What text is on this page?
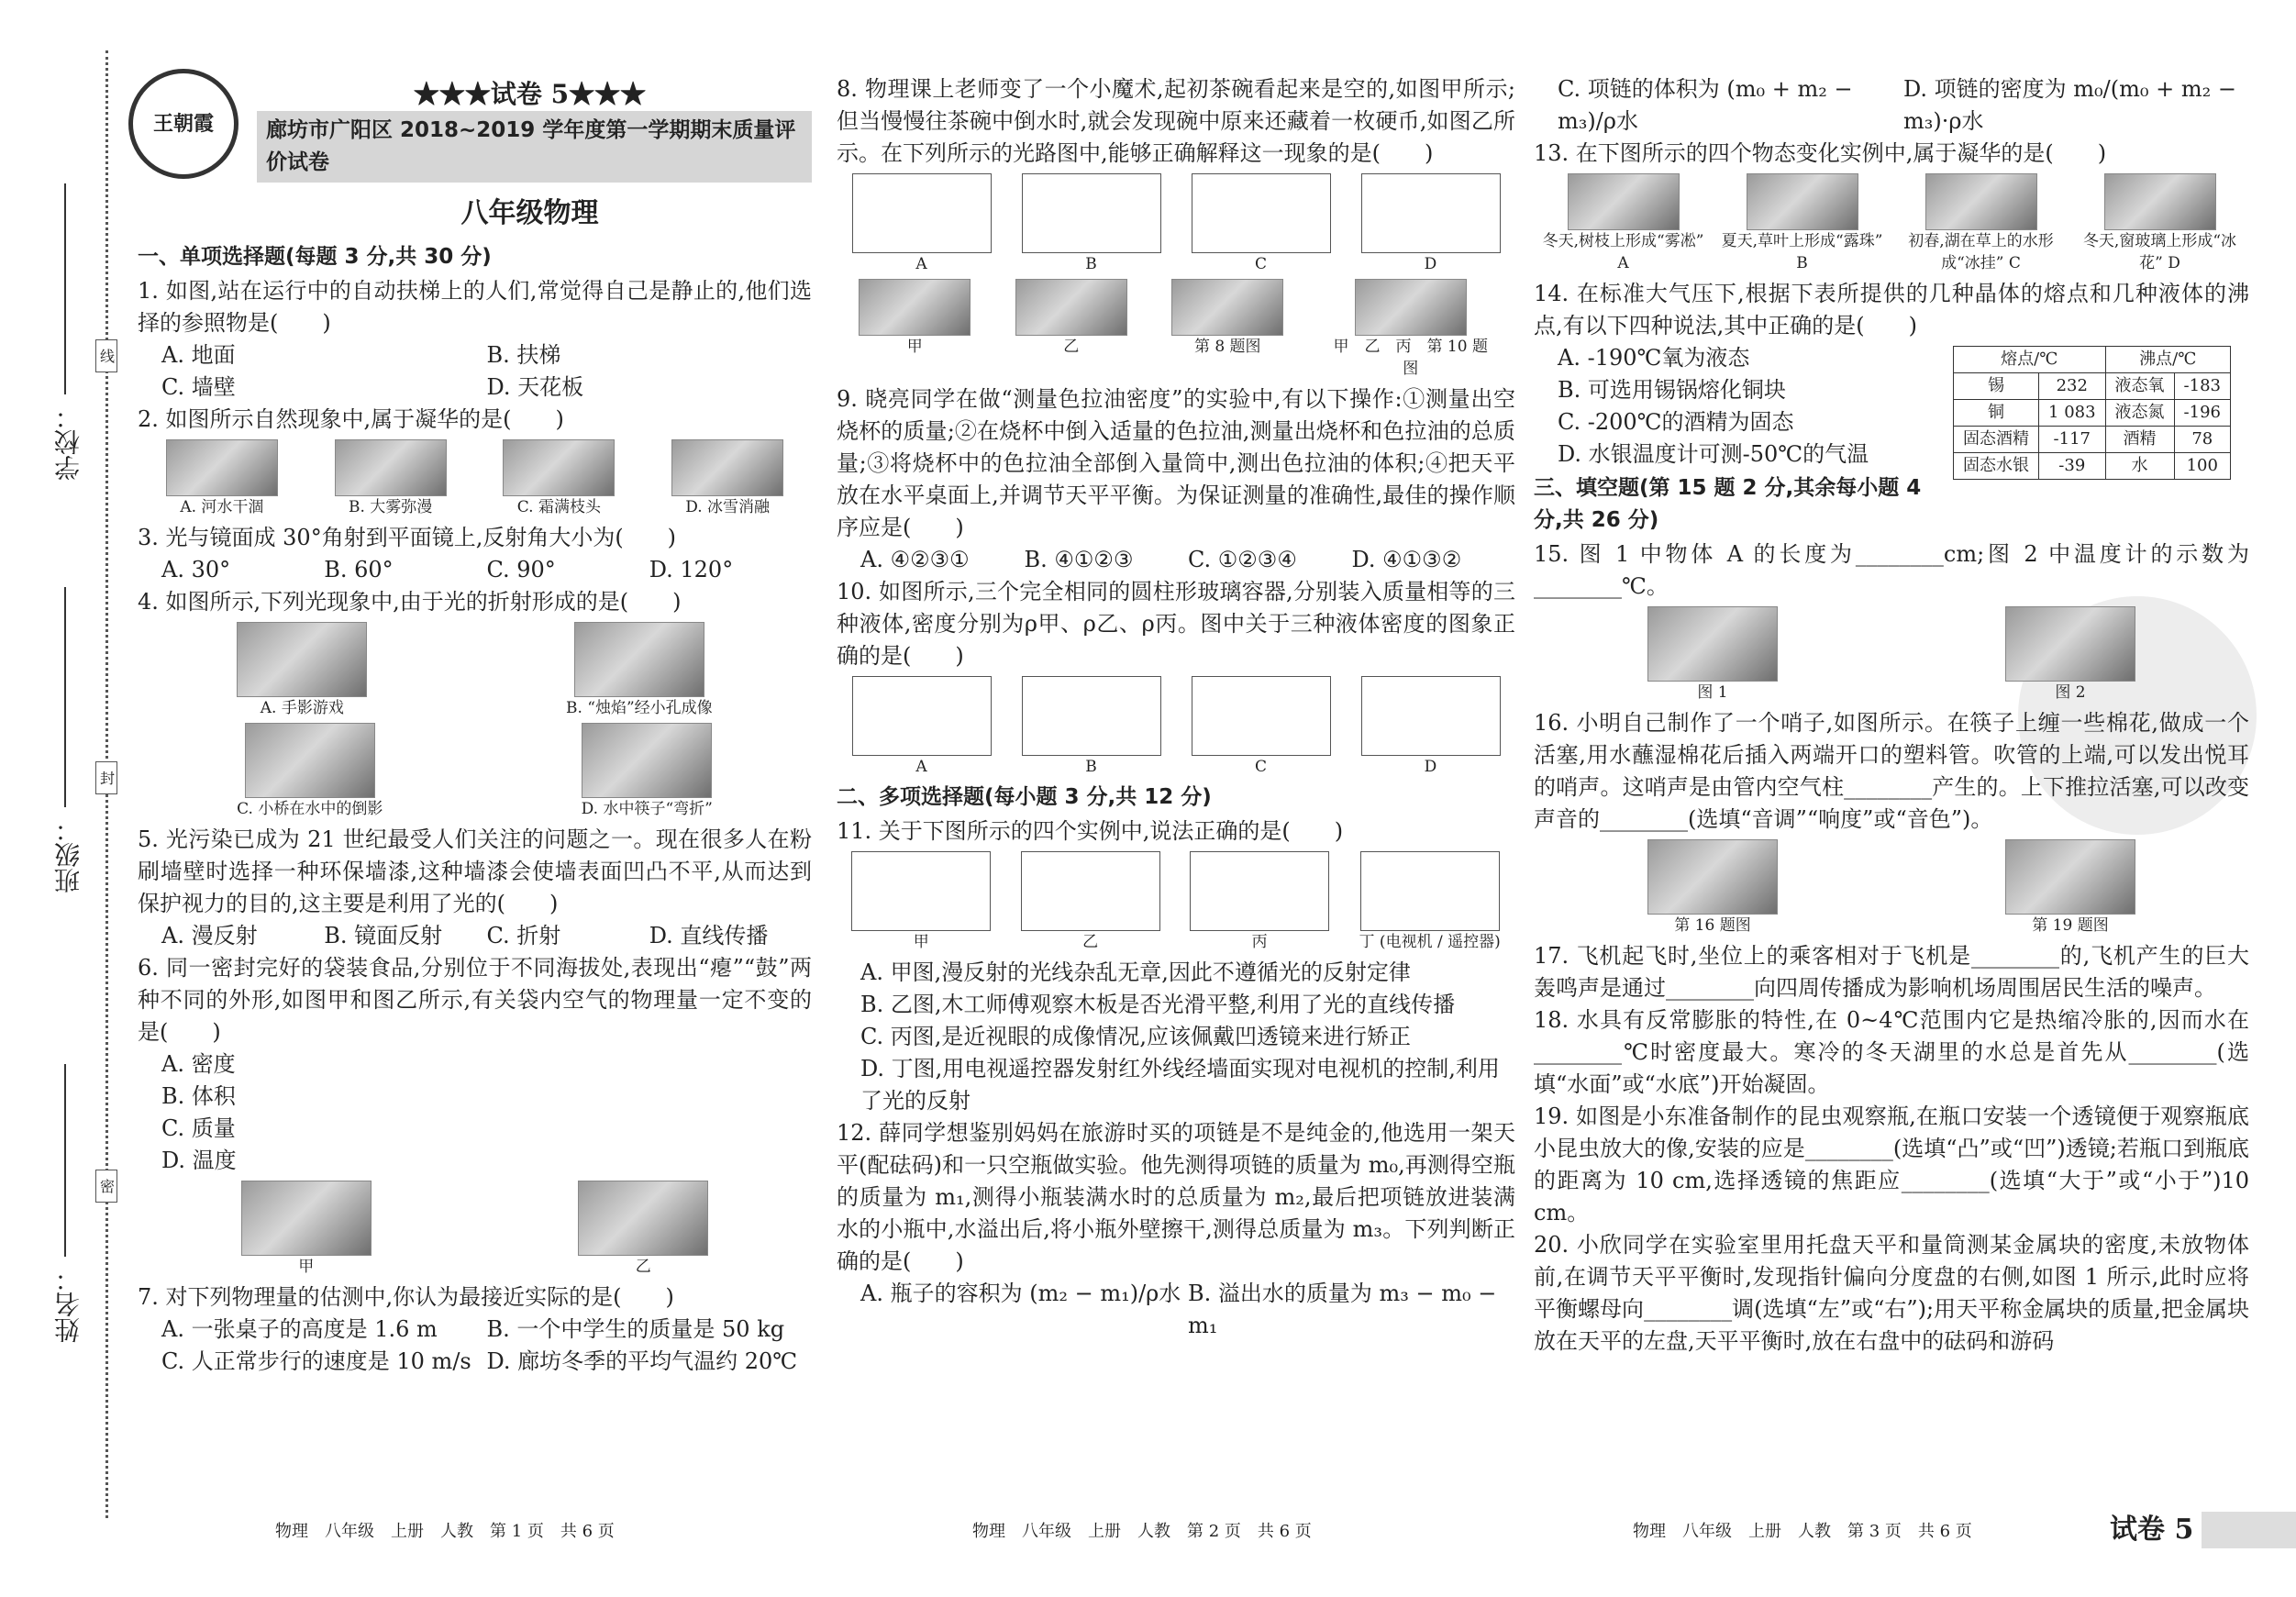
学校：
班级：
姓名：
线
封
密
王朝霞
★★★试卷 5★★★
廊坊市广阳区 2018~2019 学年度第一学期期末质量评价试卷
八年级物理
一、单项选择题(每题 3 分,共 30 分)
1. 如图,站在运行中的自动扶梯上的人们,常觉得自己是静止的,他们选择的参照物是(　　)
A. 地面	B. 扶梯
C. 墙壁	D. 天花板
2. 如图所示自然现象中,属于凝华的是(　　)
A. 河水干涸	B. 大雾弥漫	C. 霜满枝头	D. 冰雪消融
3. 光与镜面成 30°角射到平面镜上,反射角大小为(　　)
A. 30°	B. 60°	C. 90°	D. 120°
4. 如图所示,下列光现象中,由于光的折射形成的是(　　)
A. 手影游戏	B. “烛焰”经小孔成像
C. 小桥在水中的倒影	D. 水中筷子“弯折”
5. 光污染已成为 21 世纪最受人们关注的问题之一。现在很多人在粉刷墙壁时选择一种环保墙漆,这种墙漆会使墙表面凹凸不平,从而达到保护视力的目的,这主要是利用了光的(　　)
A. 漫反射	B. 镜面反射	C. 折射	D. 直线传播
6. 同一密封完好的袋装食品,分别位于不同海拔处,表现出“瘪”“鼓”两种不同的外形,如图甲和图乙所示,有关袋内空气的物理量一定不变的是(　　)
A. 密度
B. 体积
C. 质量
D. 温度
甲	乙
7. 对下列物理量的估测中,你认为最接近实际的是(　　)
A. 一张桌子的高度是 1.6 m	B. 一个中学生的质量是 50 kg
C. 人正常步行的速度是 10 m/s D. 廊坊冬季的平均气温约 20℃
8. 物理课上老师变了一个小魔术,起初茶碗看起来是空的,如图甲所示;但当慢慢往茶碗中倒水时,就会发现碗中原来还藏着一枚硬币,如图乙所示。在下列所示的光路图中,能够正确解释这一现象的是(　　)
A	B	C	D
甲	乙	第 8 题图	甲　乙　丙　第 10 题图
9. 晓亮同学在做“测量色拉油密度”的实验中,有以下操作:①测量出空烧杯的质量;②在烧杯中倒入适量的色拉油,测量出烧杯和色拉油的总质量;③将烧杯中的色拉油全部倒入量筒中,测出色拉油的体积;④把天平放在水平桌面上,并调节天平平衡。为保证测量的准确性,最佳的操作顺序应是(　　)
A. ④②③①	B. ④①②③	C. ①②③④	D. ④①③②
10. 如图所示,三个完全相同的圆柱形玻璃容器,分别装入质量相等的三种液体,密度分别为ρ甲、ρ乙、ρ丙。图中关于三种液体密度的图象正确的是(　　)
A	B	C	D
二、多项选择题(每小题 3 分,共 12 分)
11. 关于下图所示的四个实例中,说法正确的是(　　)
甲	乙	丙	丁 (电视机 / 遥控器)
A. 甲图,漫反射的光线杂乱无章,因此不遵循光的反射定律
B. 乙图,木工师傅观察木板是否光滑平整,利用了光的直线传播
C. 丙图,是近视眼的成像情况,应该佩戴凹透镜来进行矫正
D. 丁图,用电视遥控器发射红外线经墙面实现对电视机的控制,利用了光的反射
12. 薛同学想鉴别妈妈在旅游时买的项链是不是纯金的,他选用一架天平(配砝码)和一只空瓶做实验。他先测得项链的质量为 m₀,再测得空瓶的质量为 m₁,测得小瓶装满水时的总质量为 m₂,最后把项链放进装满水的小瓶中,水溢出后,将小瓶外壁擦干,测得总质量为 m₃。下列判断正确的是(　　)
A. 瓶子的容积为 (m₂ − m₁)/ρ水 B. 溢出水的质量为 m₃ − m₀ − m₁
C. 项链的体积为 (m₀ + m₂ − m₃)/ρ水
D. 项链的密度为 m₀/(m₀ + m₂ − m₃)·ρ水
13. 在下图所示的四个物态变化实例中,属于凝华的是(　　)
冬天,树枝上形成“雾凇” A
夏天,草叶上形成“露珠” B
初春,湖在草上的水形成“冰挂” C
冬天,窗玻璃上形成“冰花” D
14. 在标准大气压下,根据下表所提供的几种晶体的熔点和几种液体的沸点,有以下四种说法,其中正确的是(　　)
熔点/℃		沸点/℃	
锡	232	液态氧	-183
铜	1 083	液态氮	-196
固态酒精	-117	酒精	78
固态水银	-39	水	100
A. -190℃氧为液态
B. 可选用锡锅熔化铜块
C. -200℃的酒精为固态
D. 水银温度计可测-50℃的气温
三、填空题(第 15 题 2 分,其余每小题 4 分,共 26 分)
15. 图 1 中物体 A 的长度为________cm;图 2 中温度计的示数为________℃。
图 1	图 2
16. 小明自己制作了一个哨子,如图所示。在筷子上缠一些棉花,做成一个活塞,用水蘸湿棉花后插入两端开口的塑料管。吹管的上端,可以发出悦耳的哨声。这哨声是由管内空气柱________产生的。上下推拉活塞,可以改变声音的________(选填“音调”“响度”或“音色”)。
第 16 题图	第 19 题图
17. 飞机起飞时,坐位上的乘客相对于飞机是________的,飞机产生的巨大轰鸣声是通过________向四周传播成为影响机场周围居民生活的噪声。
18. 水具有反常膨胀的特性,在 0~4℃范围内它是热缩冷胀的,因而水在________℃时密度最大。寒冷的冬天湖里的水总是首先从________(选填“水面”或“水底”)开始凝固。
19. 如图是小东准备制作的昆虫观察瓶,在瓶口安装一个透镜便于观察瓶底小昆虫放大的像,安装的应是________(选填“凸”或“凹”)透镜;若瓶口到瓶底的距离为 10 cm,选择透镜的焦距应________(选填“大于”或“小于”)10 cm。
20. 小欣同学在实验室里用托盘天平和量筒测某金属块的密度,未放物体前,在调节天平平衡时,发现指针偏向分度盘的右侧,如图 1 所示,此时应将平衡螺母向________调(选填“左”或“右”);用天平称金属块的质量,把金属块放在天平的左盘,天平平衡时,放在右盘中的砝码和游码
物理　八年级　上册　人教　第 1 页　共 6 页	物理　八年级　上册　人教　第 2 页　共 6 页	物理　八年级　上册　人教　第 3 页　共 6 页	试卷 5
